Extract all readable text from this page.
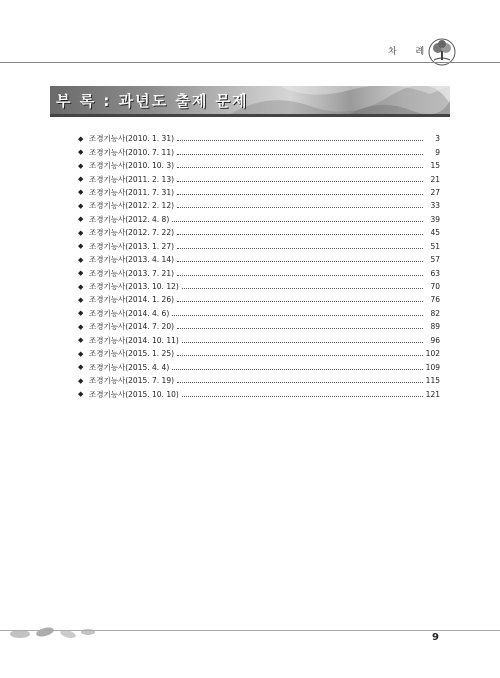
차 례
부 록 : 과년도 출제 문제
◆ 조경기능사(2010. 1. 31)	3
◆ 조경기능사(2010. 7. 11)	9
◆ 조경기능사(2010. 10. 3)	15
◆ 조경기능사(2011. 2. 13)	21
◆ 조경기능사(2011. 7. 31)	27
◆ 조경기능사(2012. 2. 12)	33
◆ 조경기능사(2012. 4. 8)	39
◆ 조경기능사(2012. 7. 22)	45
◆ 조경기능사(2013. 1. 27)	51
◆ 조경기능사(2013. 4. 14)	57
◆ 조경기능사(2013. 7. 21)	63
◆ 조경기능사(2013. 10. 12)	70
◆ 조경기능사(2014. 1. 26)	76
◆ 조경기능사(2014. 4. 6)	82
◆ 조경기능사(2014. 7. 20)	89
◆ 조경기능사(2014. 10. 11)	96
◆ 조경기능사(2015. 1. 25)	102
◆ 조경기능사(2015. 4. 4)	109
◆ 조경기능사(2015. 7. 19)	115
◆ 조경기능사(2015. 10. 10)	121
9
